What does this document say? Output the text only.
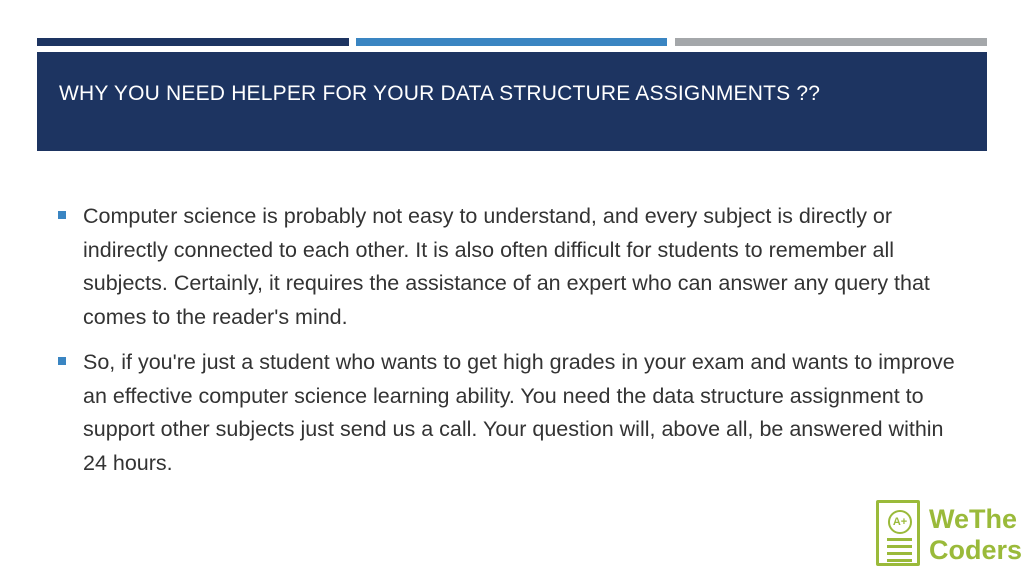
WHY YOU NEED HELPER FOR YOUR DATA STRUCTURE ASSIGNMENTS ??
Computer science is probably not easy to understand, and every subject is directly or indirectly connected to each other. It is also often difficult for students to remember all subjects. Certainly, it requires the assistance of an expert who can answer any query that comes to the reader's mind.
So, if you're just a student who wants to get high grades in your exam and wants to improve an effective computer science learning ability. You need the data structure assignment to support other subjects just send us a call. Your question will, above all, be answered within 24 hours.
A+ WeThe
Coders
